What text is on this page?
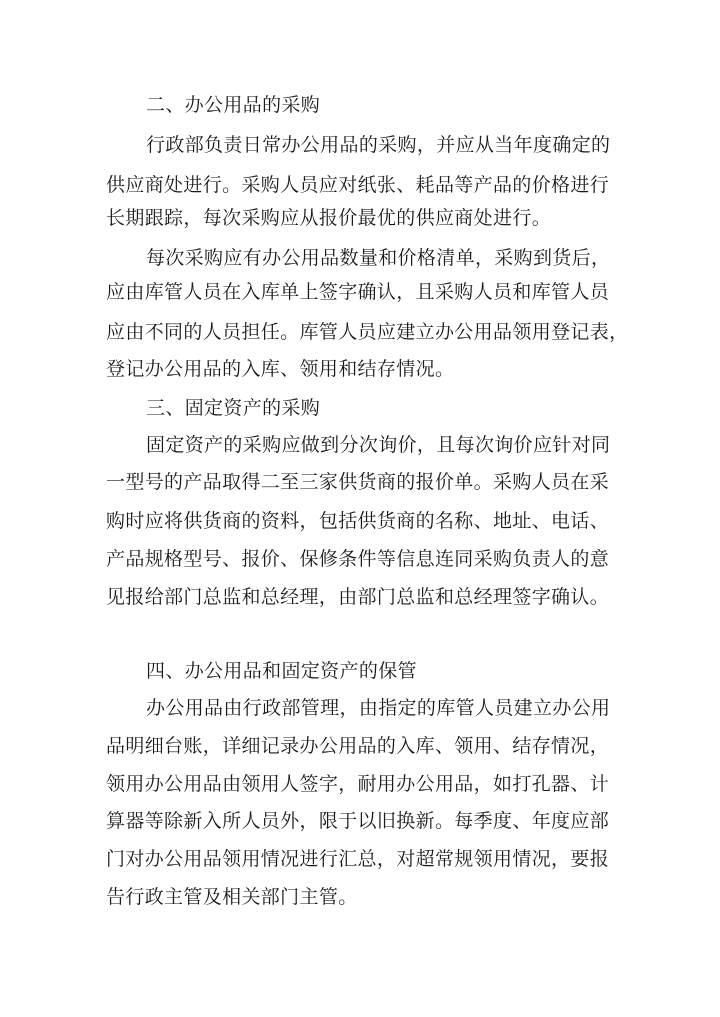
二、办公用品的采购
行政部负责日常办公用品的采购，并应从当年度确定的
供应商处进行。采购人员应对纸张、耗品等产品的价格进行
长期跟踪，每次采购应从报价最优的供应商处进行。
每次采购应有办公用品数量和价格清单，采购到货后，
应由库管人员在入库单上签字确认，且采购人员和库管人员
应由不同的人员担任。库管人员应建立办公用品领用登记表，
登记办公用品的入库、领用和结存情况。
三、固定资产的采购
固定资产的采购应做到分次询价，且每次询价应针对同
一型号的产品取得二至三家供货商的报价单。采购人员在采
购时应将供货商的资料，包括供货商的名称、地址、电话、
产品规格型号、报价、保修条件等信息连同采购负责人的意
见报给部门总监和总经理，由部门总监和总经理签字确认。
四、办公用品和固定资产的保管
办公用品由行政部管理，由指定的库管人员建立办公用
品明细台账，详细记录办公用品的入库、领用、结存情况，
领用办公用品由领用人签字，耐用办公用品，如打孔器、计
算器等除新入所人员外，限于以旧换新。每季度、年度应部
门对办公用品领用情况进行汇总，对超常规领用情况，要报
告行政主管及相关部门主管。
